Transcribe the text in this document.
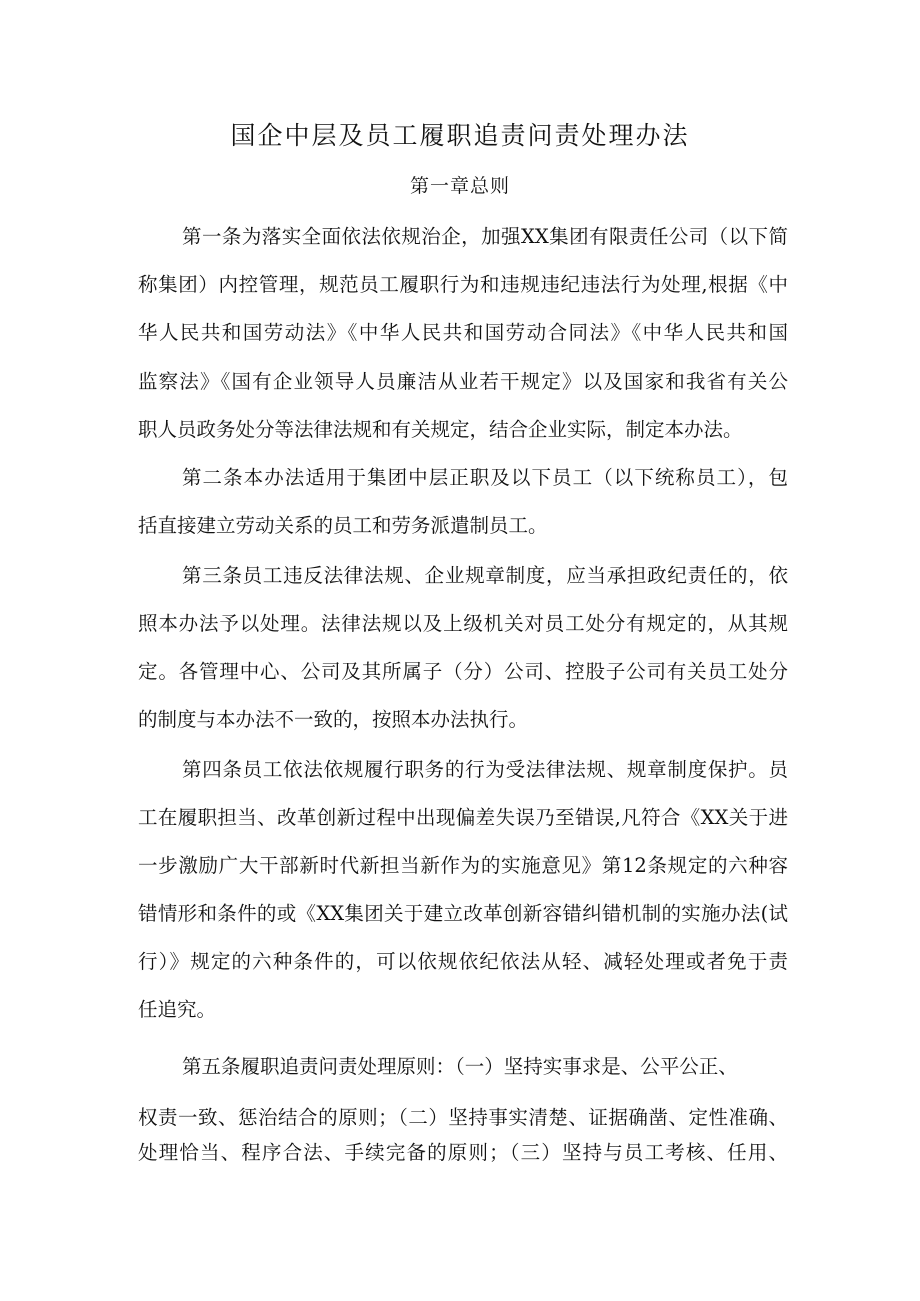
国企中层及员工履职追责问责处理办法
第一章总则
第一条为落实全面依法依规治企，加强XX集团有限责任公司（以下简
称集团）内控管理，规范员工履职行为和违规违纪违法行为处理,根据《中
华人民共和国劳动法》《中华人民共和国劳动合同法》《中华人民共和国
监察法》《国有企业领导人员廉洁从业若干规定》以及国家和我省有关公
职人员政务处分等法律法规和有关规定，结合企业实际，制定本办法。
第二条本办法适用于集团中层正职及以下员工（以下统称员工），包
括直接建立劳动关系的员工和劳务派遣制员工。
第三条员工违反法律法规、企业规章制度，应当承担政纪责任的，依
照本办法予以处理。法律法规以及上级机关对员工处分有规定的，从其规
定。各管理中心、公司及其所属子（分）公司、控股子公司有关员工处分
的制度与本办法不一致的，按照本办法执行。
第四条员工依法依规履行职务的行为受法律法规、规章制度保护。员
工在履职担当、改革创新过程中出现偏差失误乃至错误,凡符合《XX关于进
一步激励广大干部新时代新担当新作为的实施意见》第12条规定的六种容
错情形和条件的或《XX集团关于建立改革创新容错纠错机制的实施办法(试
行）》规定的六种条件的，可以依规依纪依法从轻、减轻处理或者免于责
任追究。
第五条履职追责问责处理原则：（一）坚持实事求是、公平公正、
权责一致、惩治结合的原则；（二）坚持事实清楚、证据确凿、定性准确、
处理恰当、程序合法、手续完备的原则；（三）坚持与员工考核、任用、
